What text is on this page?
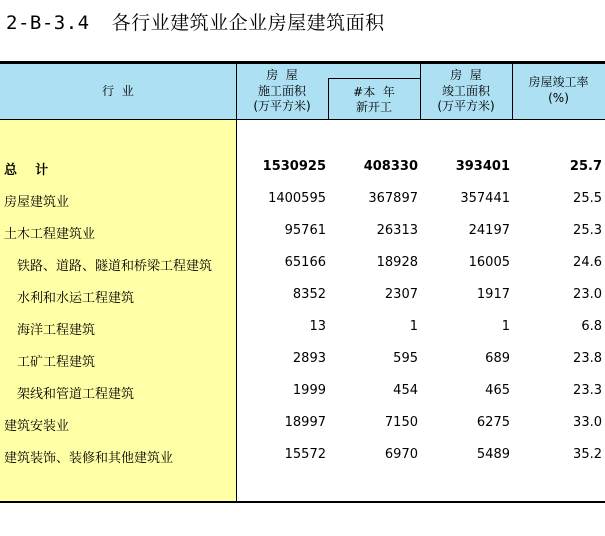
2-B-3.4 各行业建筑业企业房屋建筑面积
行  业
房  屋
施工面积
(万平方米)
#本  年
新开工
房  屋
竣工面积
(万平方米)
房屋竣工率
(%)
总    计	1530925	408330	393401	25.7
房屋建筑业	1400595	367897	357441	25.5
土木工程建筑业	95761	26313	24197	25.3
铁路、道路、隧道和桥梁工程建筑	65166	18928	16005	24.6
水利和水运工程建筑	8352	2307	1917	23.0
海洋工程建筑	13	1	1	6.8
工矿工程建筑	2893	595	689	23.8
架线和管道工程建筑	1999	454	465	23.3
建筑安装业	18997	7150	6275	33.0
建筑装饰、装修和其他建筑业	15572	6970	5489	35.2
